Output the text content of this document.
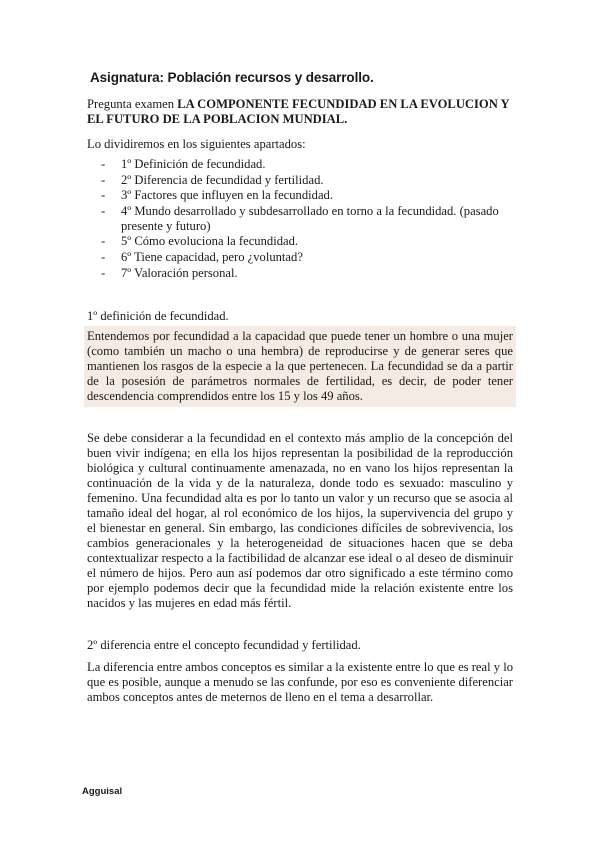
Asignatura: Población recursos y desarrollo.
Pregunta examen LA COMPONENTE FECUNDIDAD EN LA EVOLUCION Y EL FUTURO DE LA POBLACION MUNDIAL.
Lo dividiremos en los siguientes apartados:
- 1º Definición de fecundidad.
- 2º Diferencia de fecundidad y fertilidad.
- 3º Factores que influyen en la fecundidad.
- 4º Mundo desarrollado y subdesarrollado en torno a la fecundidad. (pasado presente y futuro)
- 5º Cómo evoluciona la fecundidad.
- 6º Tiene capacidad, pero ¿voluntad?
- 7º Valoración personal.
1º definición de fecundidad.

Entendemos por fecundidad a la capacidad que puede tener un hombre o una mujer (como también un macho o una hembra) de reproducirse y de generar seres que mantienen los rasgos de la especie a la que pertenecen. La fecundidad se da a partir de la posesión de parámetros normales de fertilidad, es decir, de poder tener descendencia comprendidos entre los 15 y los 49 años.

Se debe considerar a la fecundidad en el contexto más amplio de la concepción del buen vivir indígena; en ella los hijos representan la posibilidad de la reproducción biológica y cultural continuamente amenazada, no en vano los hijos representan la continuación de la vida y de la naturaleza, donde todo es sexuado: masculino y femenino. Una fecundidad alta es por lo tanto un valor y un recurso que se asocia al tamaño ideal del hogar, al rol económico de los hijos, la supervivencia del grupo y el bienestar en general. Sin embargo, las condiciones difíciles de sobrevivencia, los cambios generacionales y la heterogeneidad de situaciones hacen que se deba contextualizar respecto a la factibilidad de alcanzar ese ideal o al deseo de disminuir el número de hijos. Pero aun así podemos dar otro significado a este término como por ejemplo podemos decir que la fecundidad mide la relación existente entre los nacidos y las mujeres en edad más fértil.

2º diferencia entre el concepto fecundidad y fertilidad.

La diferencia entre ambos conceptos es similar a la existente entre lo que es real y lo que es posible, aunque a menudo se las confunde, por eso es conveniente diferenciar ambos conceptos antes de meternos de lleno en el tema a desarrollar.

Agguisal
